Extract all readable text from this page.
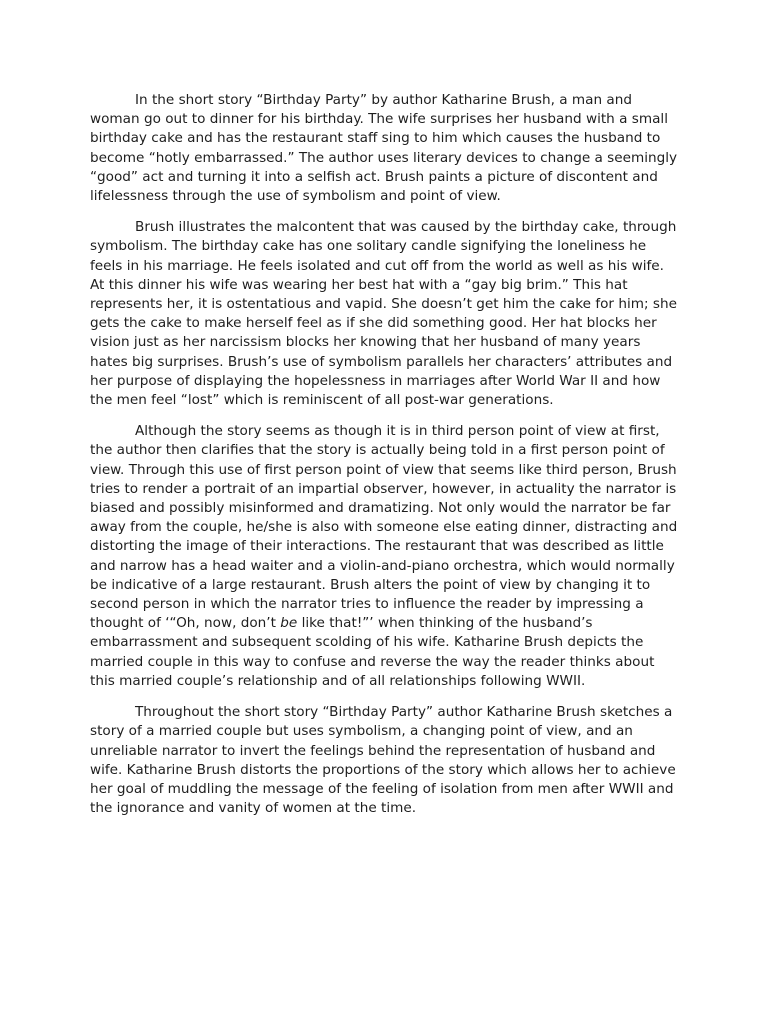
In the short story “Birthday Party” by author Katharine Brush, a man and woman go out to dinner for his birthday. The wife surprises her husband with a small birthday cake and has the restaurant staff sing to him which causes the husband to become “hotly embarrassed.” The author uses literary devices to change a seemingly “good” act and turning it into a selfish act. Brush paints a picture of discontent and lifelessness through the use of symbolism and point of view.

Brush illustrates the malcontent that was caused by the birthday cake, through symbolism. The birthday cake has one solitary candle signifying the loneliness he feels in his marriage. He feels isolated and cut off from the world as well as his wife. At this dinner his wife was wearing her best hat with a “gay big brim.” This hat represents her, it is ostentatious and vapid. She doesn’t get him the cake for him; she gets the cake to make herself feel as if she did something good. Her hat blocks her vision just as her narcissism blocks her knowing that her husband of many years hates big surprises. Brush’s use of symbolism parallels her characters’ attributes and her purpose of displaying the hopelessness in marriages after World War II and how the men feel “lost” which is reminiscent of all post-war generations.

Although the story seems as though it is in third person point of view at first, the author then clarifies that the story is actually being told in a first person point of view. Through this use of first person point of view that seems like third person, Brush tries to render a portrait of an impartial observer, however, in actuality the narrator is biased and possibly misinformed and dramatizing. Not only would the narrator be far away from the couple, he/she is also with someone else eating dinner, distracting and distorting the image of their interactions. The restaurant that was described as little and narrow has a head waiter and a violin-and-piano orchestra, which would normally be indicative of a large restaurant. Brush alters the point of view by changing it to second person in which the narrator tries to influence the reader by impressing a thought of ‘“Oh, now, don’t be like that!”’ when thinking of the husband’s embarrassment and subsequent scolding of his wife. Katharine Brush depicts the married couple in this way to confuse and reverse the way the reader thinks about this married couple’s relationship and of all relationships following WWII.

Throughout the short story “Birthday Party” author Katharine Brush sketches a story of a married couple but uses symbolism, a changing point of view, and an unreliable narrator to invert the feelings behind the representation of husband and wife. Katharine Brush distorts the proportions of the story which allows her to achieve her goal of muddling the message of the feeling of isolation from men after WWII and the ignorance and vanity of women at the time.
